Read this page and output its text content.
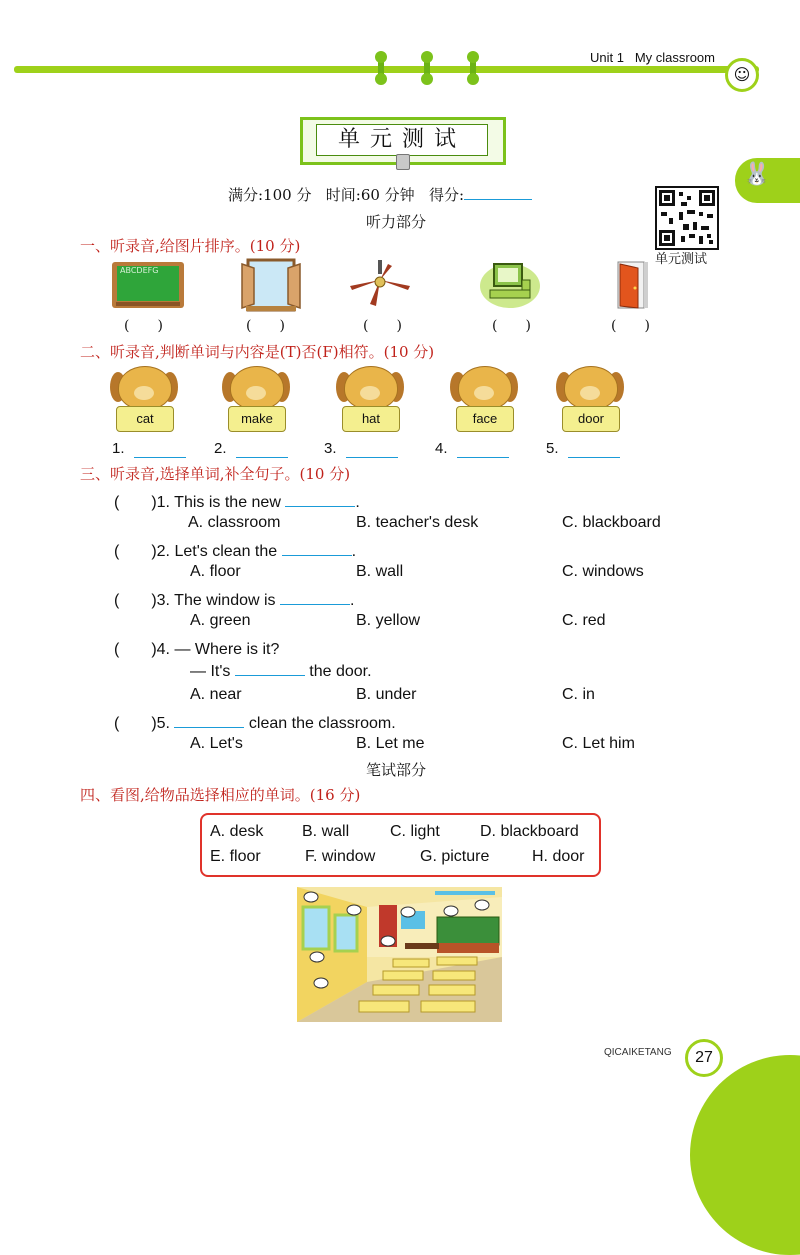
Unit 1 My classroom
☺
🐰
单元测试
满分:100 分 时间:60 分钟 得分:
单元测试
听力部分
一、听录音,给图片排序。(10 分)
ABCDEFG
(　　)	(　　)	(　　)	(　　)	(　　)
二、听录音,判断单词与内容是(T)否(F)相符。(10 分)
cat	make	hat	face	door
1.	2.	3.	4.	5.
三、听录音,选择单词,补全句子。(10 分)
(　　)1. This is the new	.
A. classroom	B. teacher's desk	C. blackboard
(　　)2. Let's clean the	.
A. floor	B. wall	C. windows
(　　)3. The window is	.
A. green	B. yellow	C. red
(　　)4. — Where is it?
— It's	the door.
A. near	B. under	C. in
(　　)5.	clean the classroom.
A. Let's	B. Let me	C. Let him
笔试部分
四、看图,给物品选择相应的单词。(16 分)
A. desk B. wall	C. light	D. blackboard
E. floor	F. window	G. picture	H. door
QICAIKETANG	27
